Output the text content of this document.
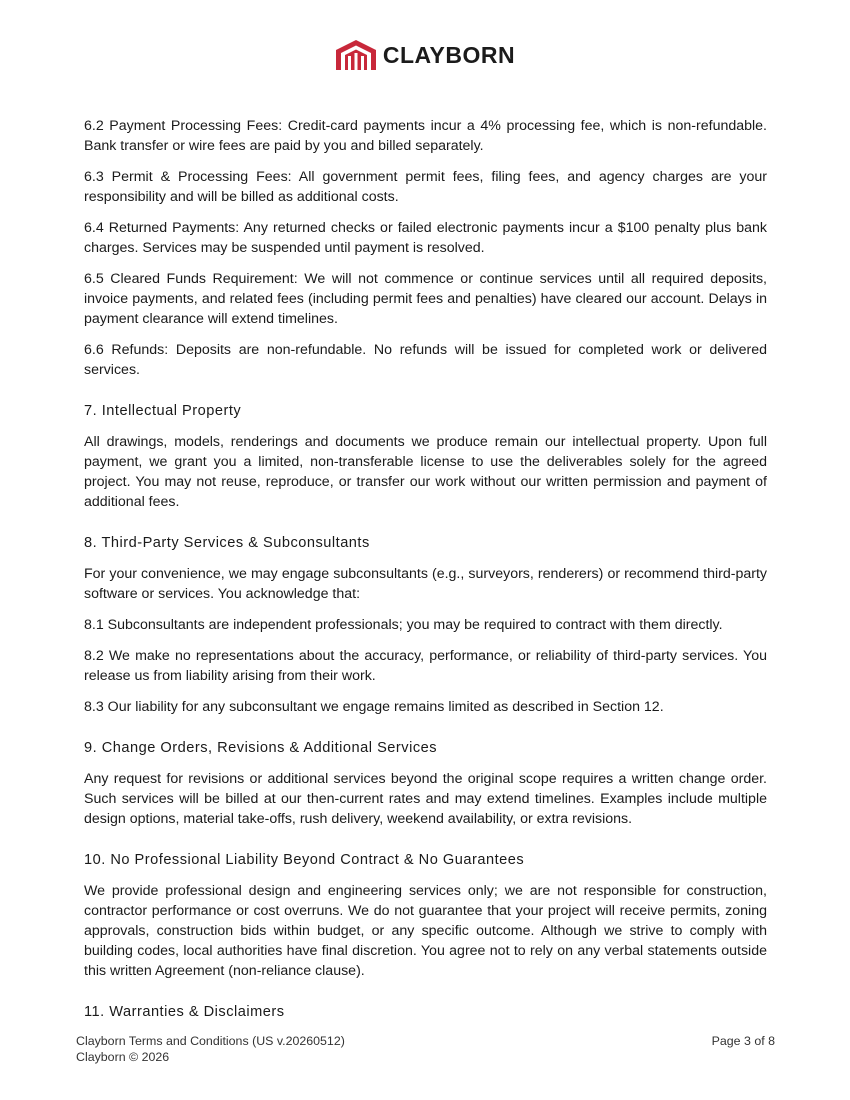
CLAYBORN

6.2 Payment Processing Fees: Credit-card payments incur a 4% processing fee, which is non-refundable. Bank transfer or wire fees are paid by you and billed separately.

6.3 Permit & Processing Fees: All government permit fees, filing fees, and agency charges are your responsibility and will be billed as additional costs.

6.4 Returned Payments: Any returned checks or failed electronic payments incur a $100 penalty plus bank charges. Services may be suspended until payment is resolved.

6.5 Cleared Funds Requirement: We will not commence or continue services until all required deposits, invoice payments, and related fees (including permit fees and penalties) have cleared our account. Delays in payment clearance will extend timelines.

6.6 Refunds: Deposits are non-refundable. No refunds will be issued for completed work or delivered services.

7. Intellectual Property

All drawings, models, renderings and documents we produce remain our intellectual property. Upon full payment, we grant you a limited, non-transferable license to use the deliverables solely for the agreed project. You may not reuse, reproduce, or transfer our work without our written permission and payment of additional fees.

8. Third-Party Services & Subconsultants

For your convenience, we may engage subconsultants (e.g., surveyors, renderers) or recommend third-party software or services. You acknowledge that:

8.1 Subconsultants are independent professionals; you may be required to contract with them directly.

8.2 We make no representations about the accuracy, performance, or reliability of third-party services. You release us from liability arising from their work.

8.3 Our liability for any subconsultant we engage remains limited as described in Section 12.

9. Change Orders, Revisions & Additional Services

Any request for revisions or additional services beyond the original scope requires a written change order. Such services will be billed at our then-current rates and may extend timelines. Examples include multiple design options, material take-offs, rush delivery, weekend availability, or extra revisions.

10. No Professional Liability Beyond Contract & No Guarantees

We provide professional design and engineering services only; we are not responsible for construction, contractor performance or cost overruns. We do not guarantee that your project will receive permits, zoning approvals, construction bids within budget, or any specific outcome. Although we strive to comply with building codes, local authorities have final discretion. You agree not to rely on any verbal statements outside this written Agreement (non-reliance clause).

11. Warranties & Disclaimers
Clayborn Terms and Conditions (US v.20260512)
Clayborn © 2026
Page 3 of 8
